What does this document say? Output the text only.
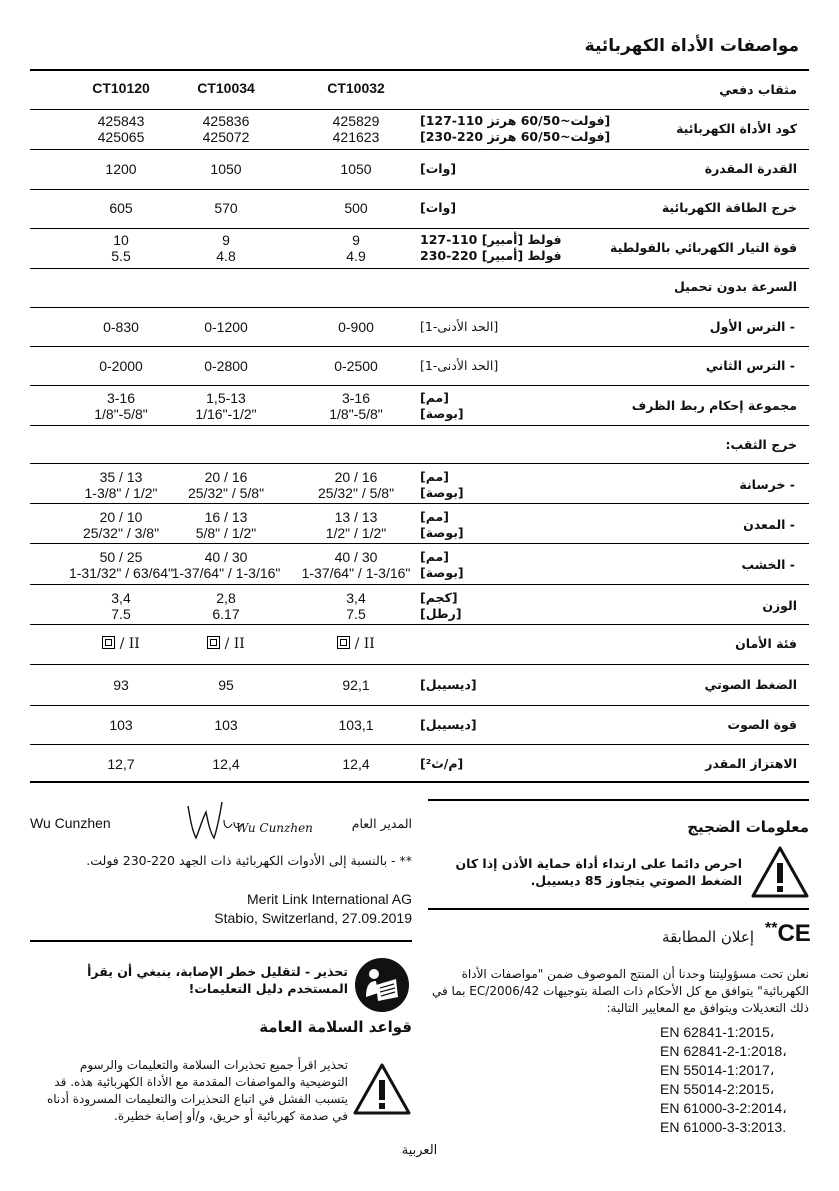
مواصفات الأداة الكهربائية
مثقاب دفعي
CT10032
CT10034
CT10120
كود الأداة الكهربائية
[127-110 فولت~60/50 هرتز]
[230-220 فولت~60/50 هرتز]
425829
425836
425843
421623
425072
425065
القدرة المقدرة
[وات]
1050
1050
1200
خرج الطاقة الكهربائية
[وات]
500
570
605
قوة التيار الكهربائي بالفولطية
127-110 فولط [أمبير]
230-220 فولط [أمبير]
9
9
10
4.9
4.8
5.5
السرعة بدون تحميل
- الترس الأول
[الحد الأدنى-1]
0-900
0-1200
0-830
- الترس الثاني
[الحد الأدنى-1]
0-2500
0-2800
0-2000
مجموعة إحكام ربط الظرف
[مم]
[بوصة]
3-16
1,5-13
3-16
1/8"-5/8"
1/16"-1/2"
1/8"-5/8"
خرج الثقب:
- خرسانة
[مم]
[بوصة]
20 / 16
20 / 16
35 / 13
25/32" / 5/8"
25/32" / 5/8"
1-3/8" / 1/2"
- المعدن
[مم]
[بوصة]
13 / 13
16 / 13
20 / 10
1/2" / 1/2"
5/8" / 1/2"
25/32" / 3/8"
- الخشب
[مم]
[بوصة]
40 / 30
40 / 30
50 / 25
1-37/64" / 1-3/16"
1-37/64" / 1-3/16"
1-31/32" / 63/64"
الوزن
[كجم]
[رطل]
3,4
2,8
3,4
7.5
6.17
7.5
فئة الأمان
/ II
/ II
/ II
الضغط الصوتي
[ديسيبل]
92,1
95
93
قوة الصوت
[ديسيبل]
103,1
103
103
الاهتزاز المقدر
[م/ث²]
12,4
12,4
12,7
Wu Cunzhen	Wu Cunzhen	المدير العام
** - بالنسبة إلى الأدوات الكهربائية ذات الجهد 220-230 فولت.
Merit Link International AG
Stabio, Switzerland, 27.09.2019
تحذير - لتقليل خطر الإصابة، ينبغي أن يقرأ المستخدم دليل التعليمات!
قواعد السلامة العامة
تحذير اقرأ جميع تحذيرات السلامة والتعليمات والرسوم التوضيحية والمواصفات المقدمة مع الأداة الكهربائية هذه. قد يتسبب الفشل في اتباع التحذيرات والتعليمات المسرودة أدناه في صدمة كهربائية أو حريق، و/أو إصابة خطيرة.
معلومات الضجيج
احرص دائما على ارتداء أداة حماية الأذن إذا كان الضغط الصوتي يتجاوز 85 ديسيبل.
**CE
إعلان المطابقة
نعلن تحت مسؤوليتنا وحدنا أن المنتج الموصوف ضمن "مواصفات الأداة الكهربائية" يتوافق مع كل الأحكام ذات الصلة بتوجيهات 2006/42/EC بما في ذلك التعديلات ويتوافق مع المعايير التالية:
EN 62841-1:2015،
EN 62841-2-1:2018،
EN 55014-1:2017،
EN 55014-2:2015،
EN 61000-3-2:2014،
EN 61000-3-3:2013.
العربية
